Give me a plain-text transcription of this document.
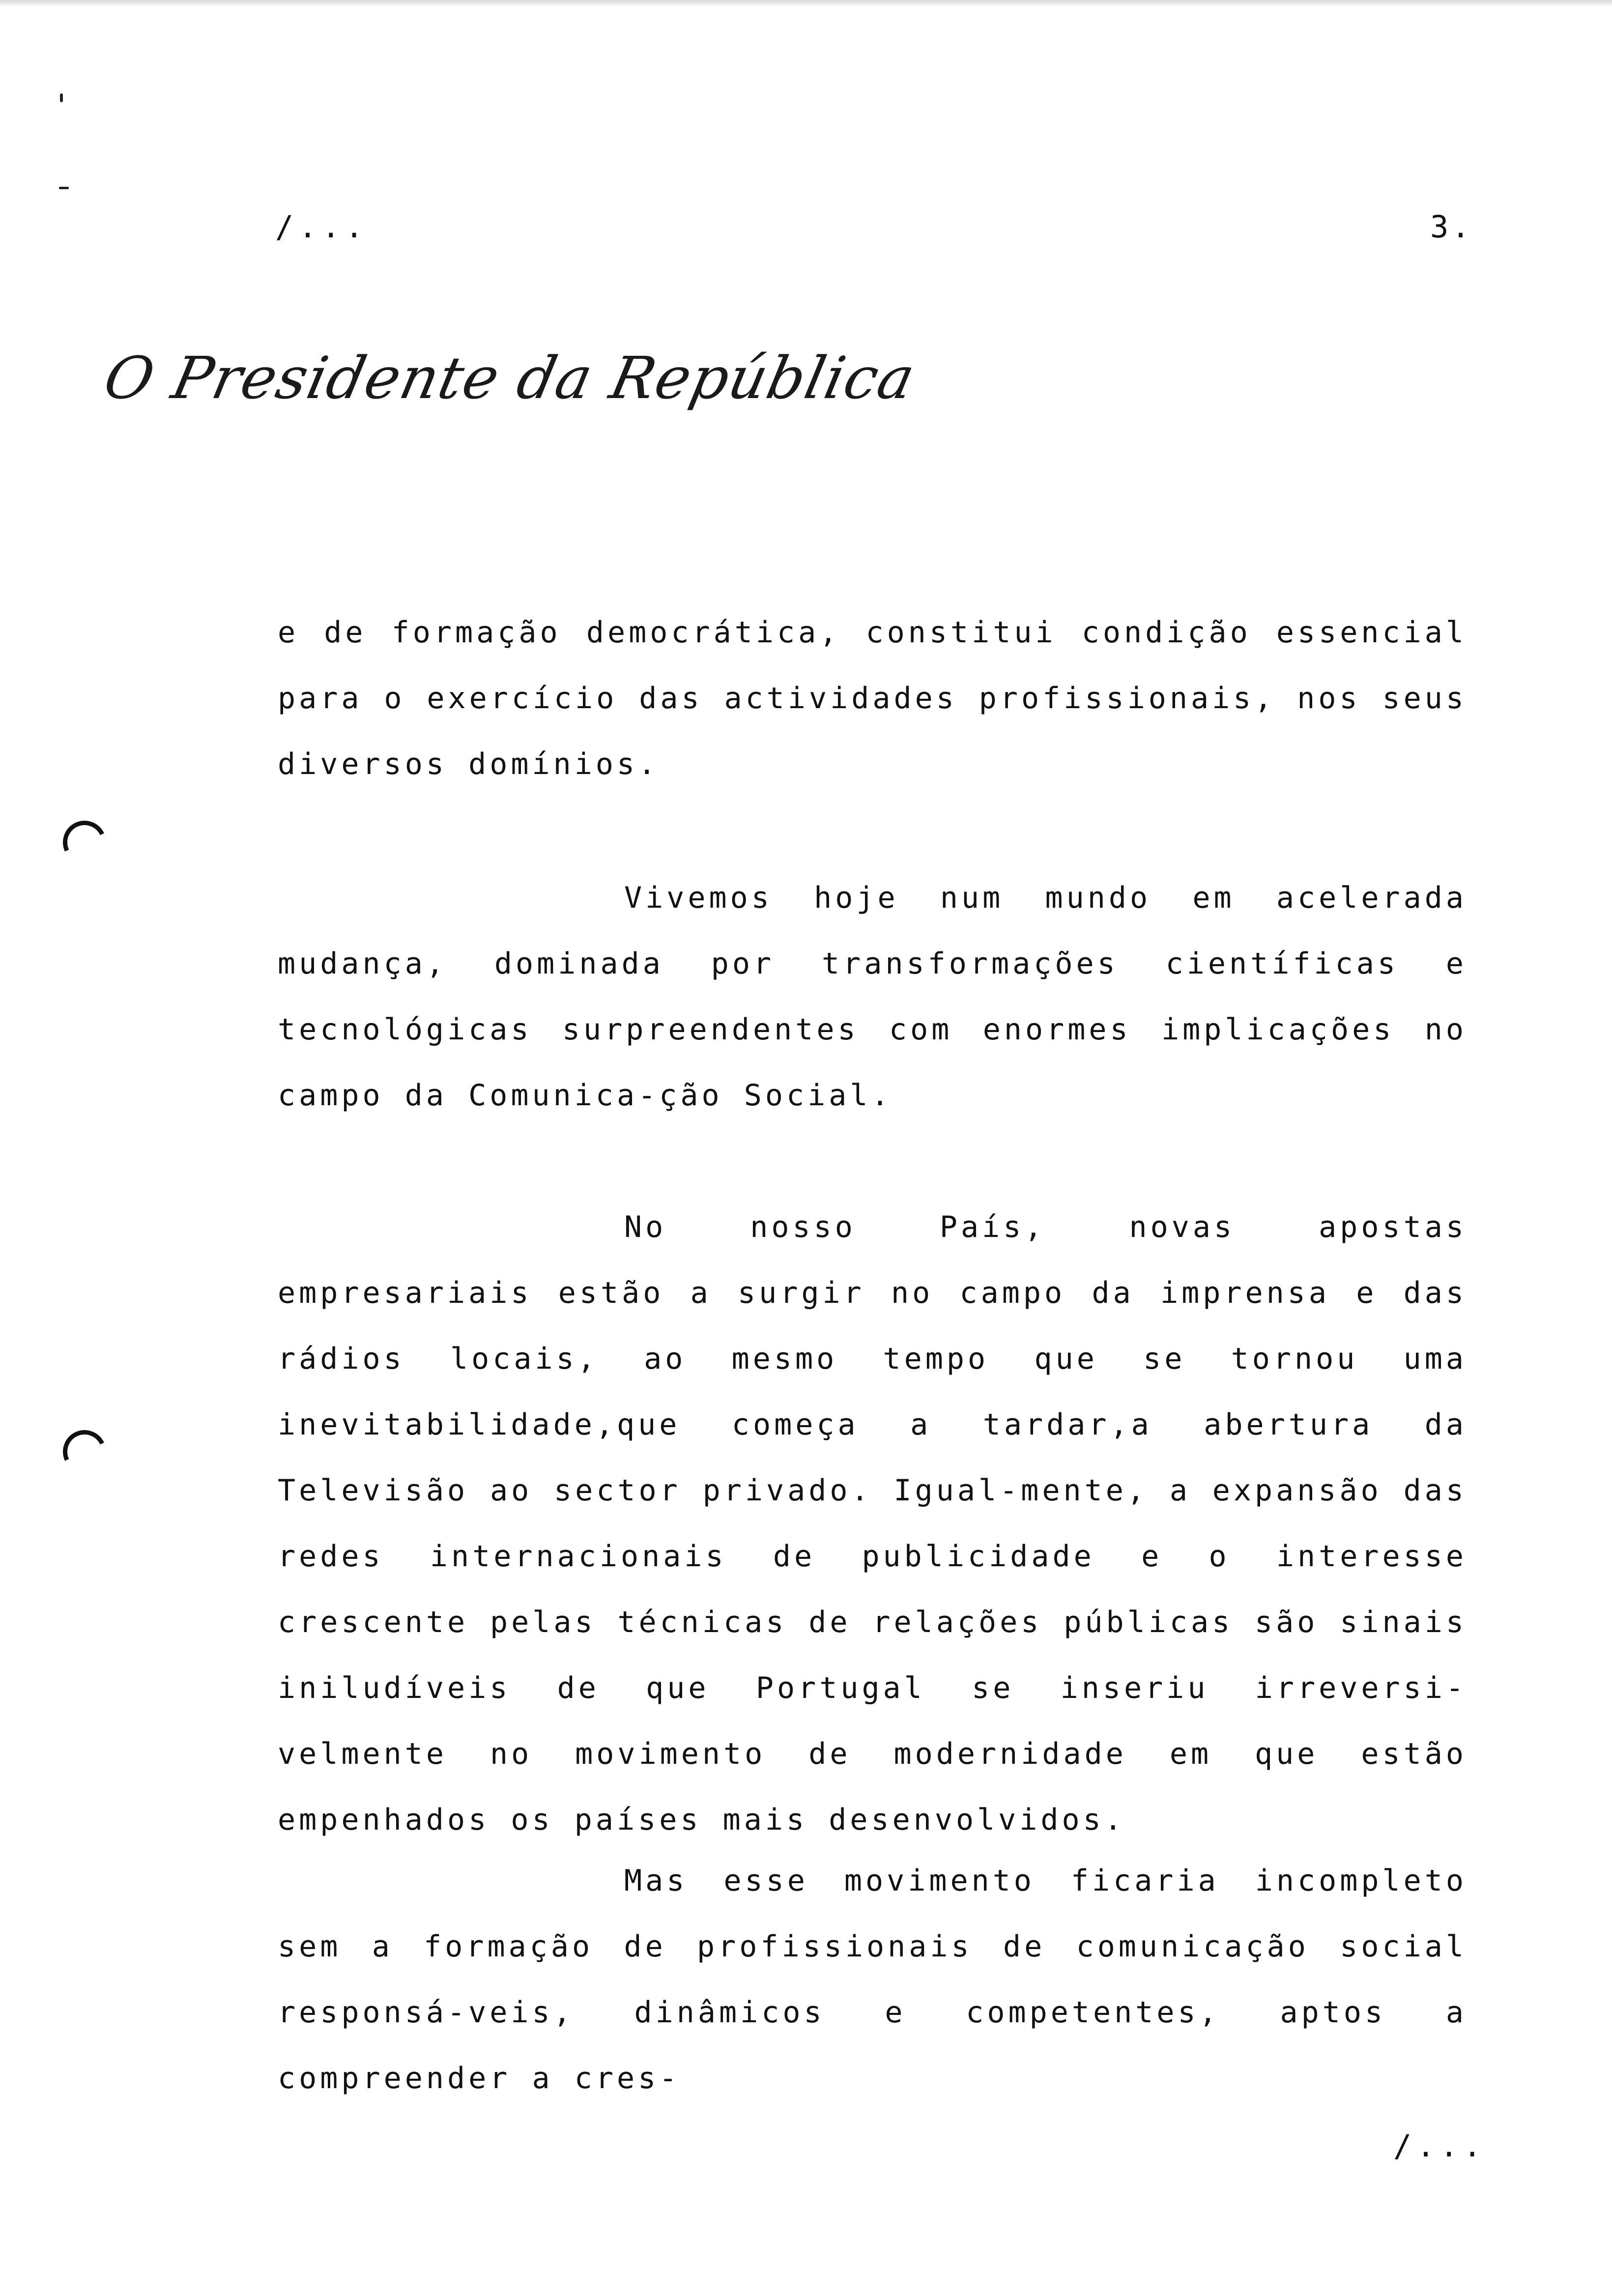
/...	3.
O Presidente da República

e de formação democrática, constitui condição essencial para o exercício das actividades profissionais, nos seus diversos domínios.

Vivemos hoje num mundo em acelerada mudança, dominada por transformações científicas e tecnológicas surpreendentes com enormes implicações no campo da Comunica-ção Social.

No nosso País, novas apostas empresariais estão a surgir no campo da imprensa e das rádios locais, ao mesmo tempo que se tornou uma inevitabilidade,que começa a tardar,a abertura da Televisão ao sector privado. Igual-mente, a expansão das redes internacionais de publicidade e o interesse crescente pelas técnicas de relações públicas são sinais iniludíveis de que Portugal se inseriu irreversi-velmente no movimento de modernidade em que estão empenhados os países mais desenvolvidos.

Mas esse movimento ficaria incompleto sem a formação de profissionais de comunicação social responsá-veis, dinâmicos e competentes, aptos a compreender a cres-

/...
